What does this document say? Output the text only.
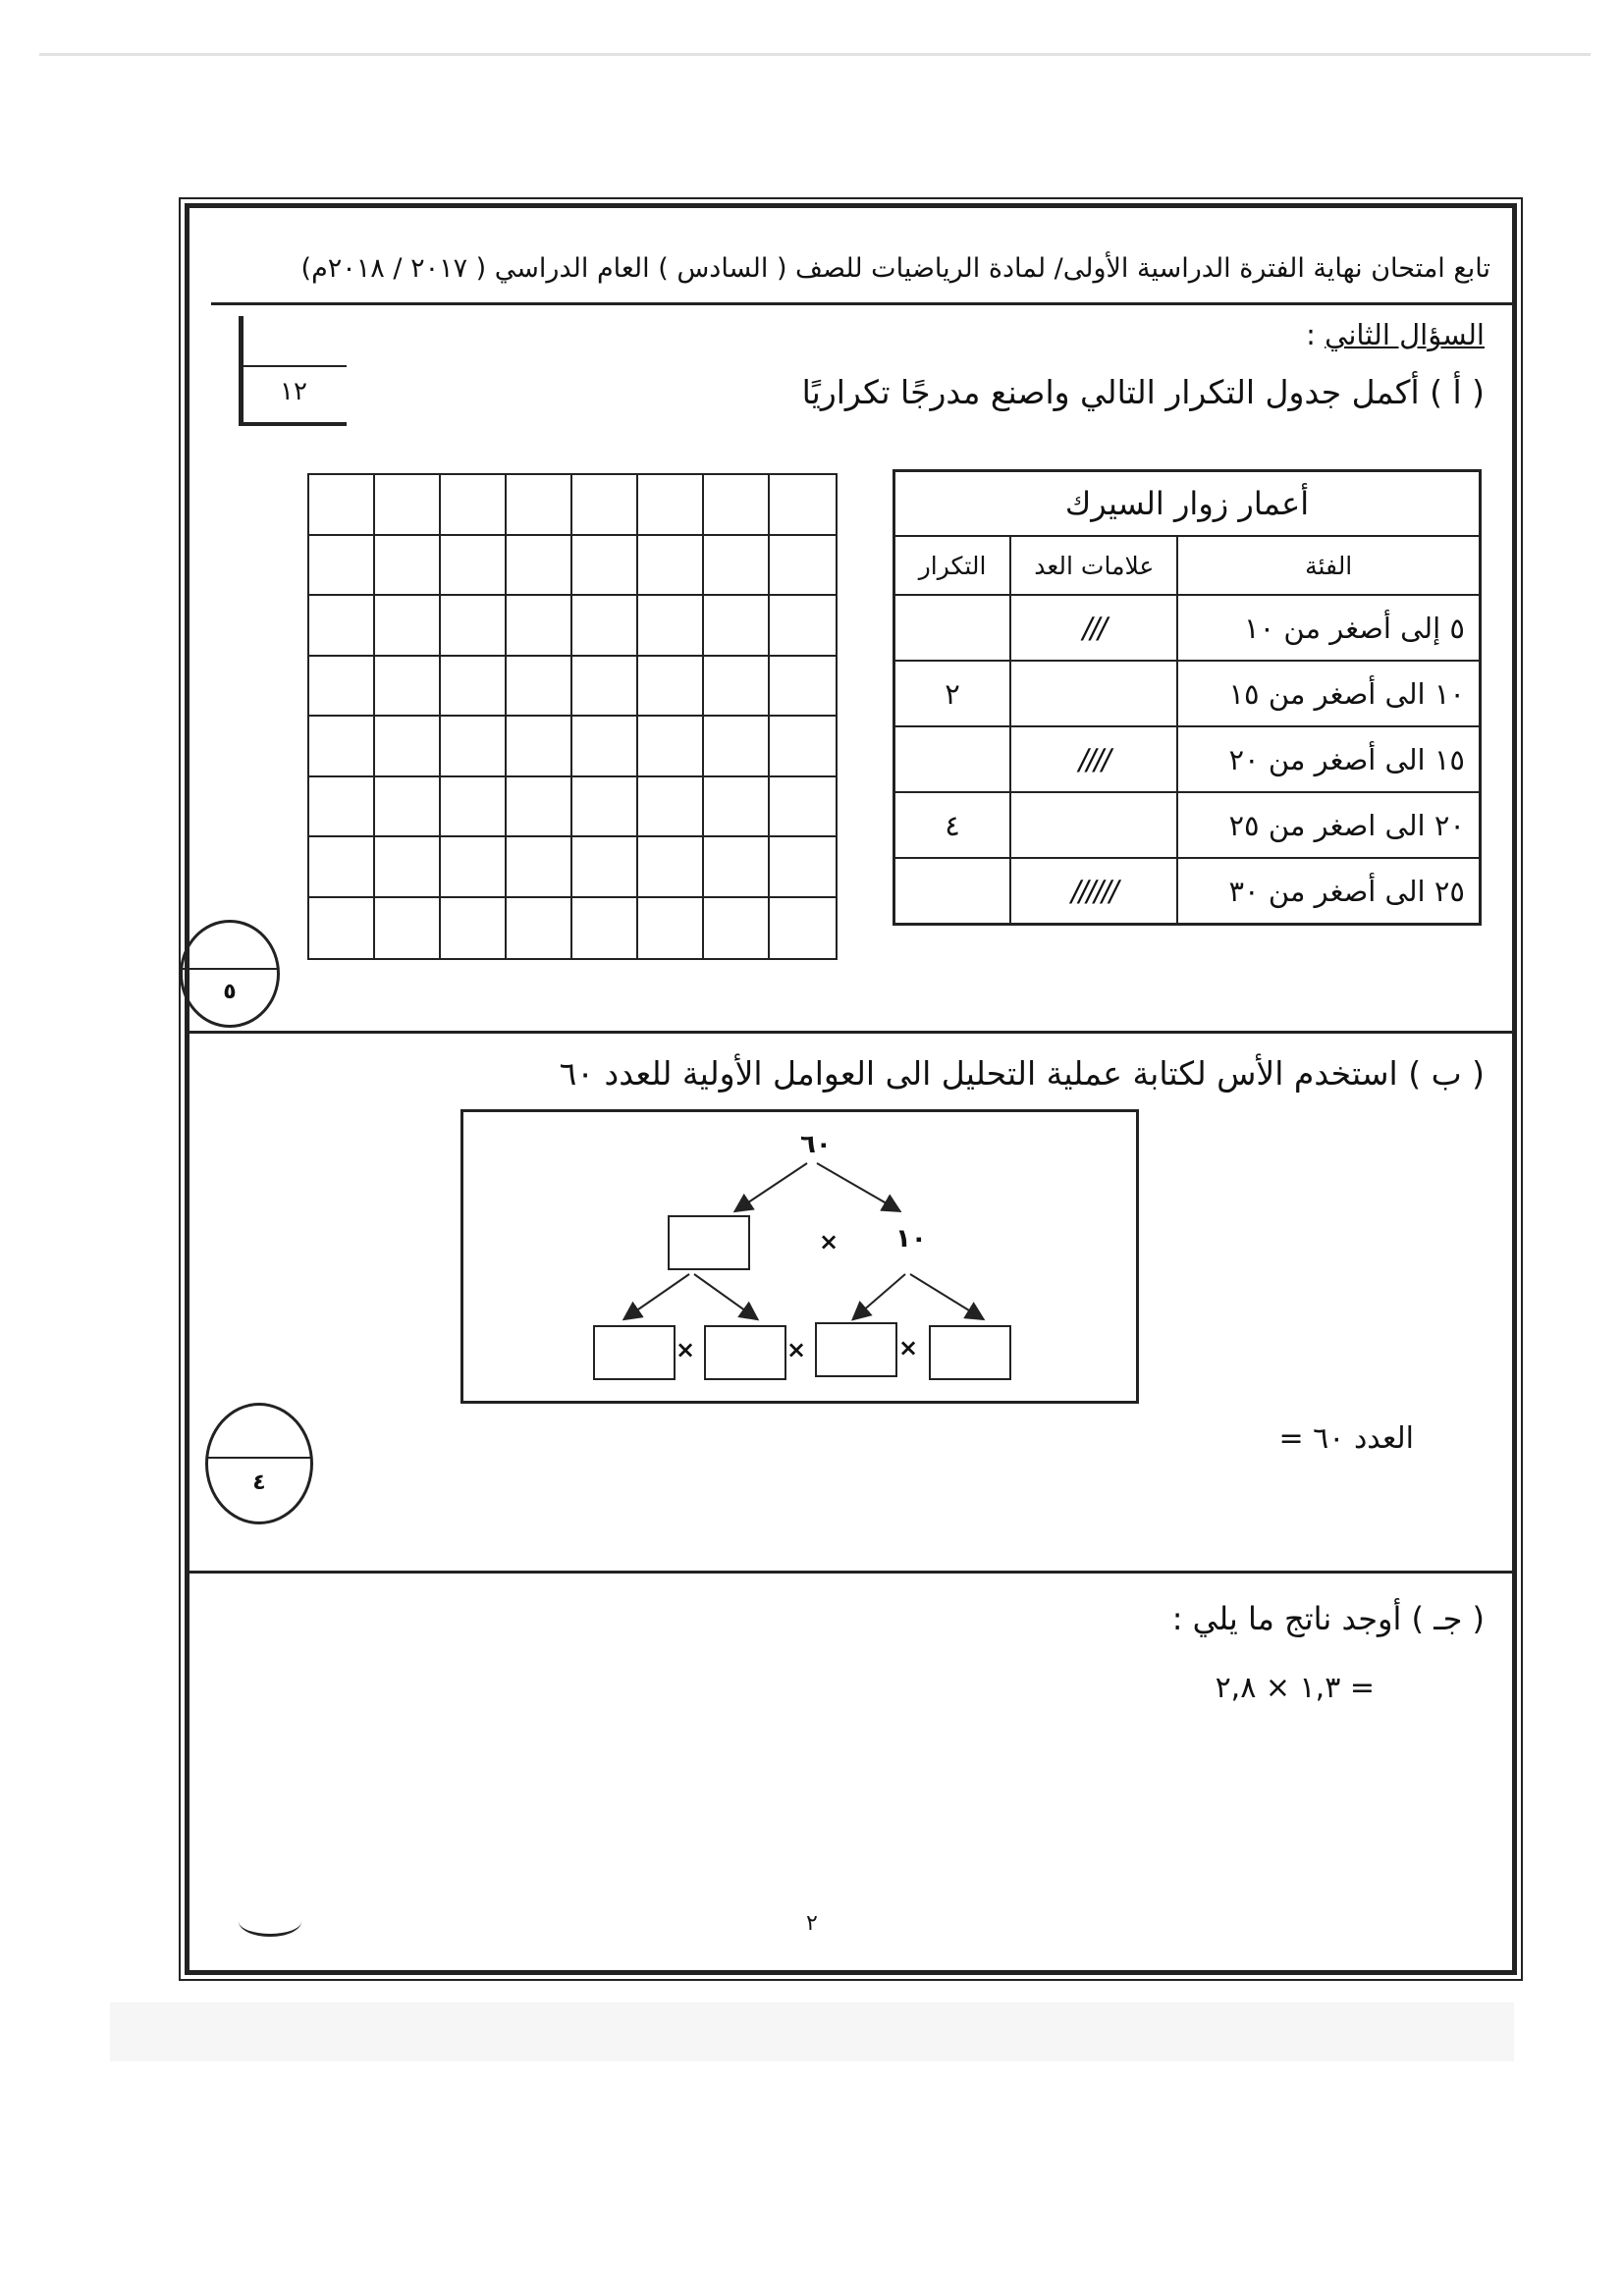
تابع امتحان نهاية الفترة الدراسية الأولى/ لمادة الرياضيات للصف ( السادس ) العام الدراسي ( ٢٠١٧ / ٢٠١٨م)
١٢
السؤال الثاني :
( أ ) أكمل جدول التكرار التالي واصنع مدرجًا تكراريًا
أعمار زوار السيرك		
الفئة	علامات العد	التكرار
٥ إلى أصغر من ١٠	///	
١٠ الى أصغر من ١٥		٢
١٥ الى أصغر من ٢٠	////	
٢٠ الى اصغر من ٢٥		٤
٢٥ الى أصغر من ٣٠	//////	
٥
( ب ) استخدم الأس لكتابة عملية التحليل الى العوامل الأولية للعدد ٦٠
٦٠
× ١٠
×	×	×
العدد ٦٠ =
٤
( جـ ) أوجد ناتج ما يلي :
= ١,٣ × ٢,٨
٢
